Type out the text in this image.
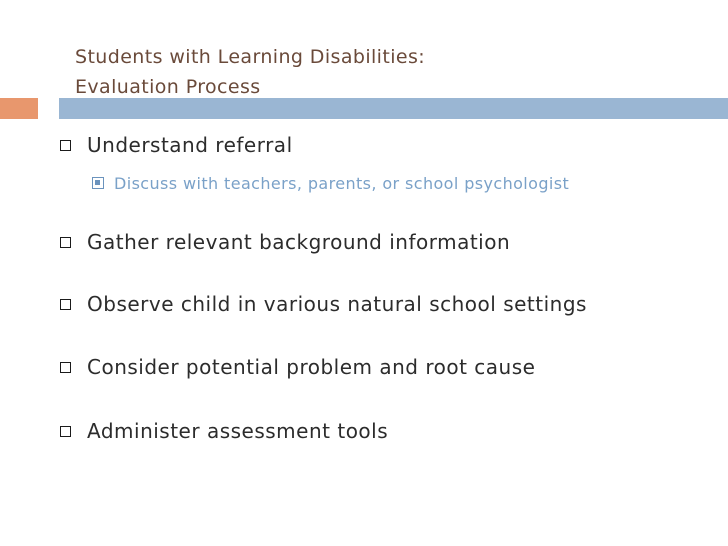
Students with Learning Disabilities:
Evaluation Process
Understand referral
Discuss with teachers, parents, or school psychologist
Gather relevant background information
Observe child in various natural school settings
Consider potential problem and root cause
Administer assessment tools
